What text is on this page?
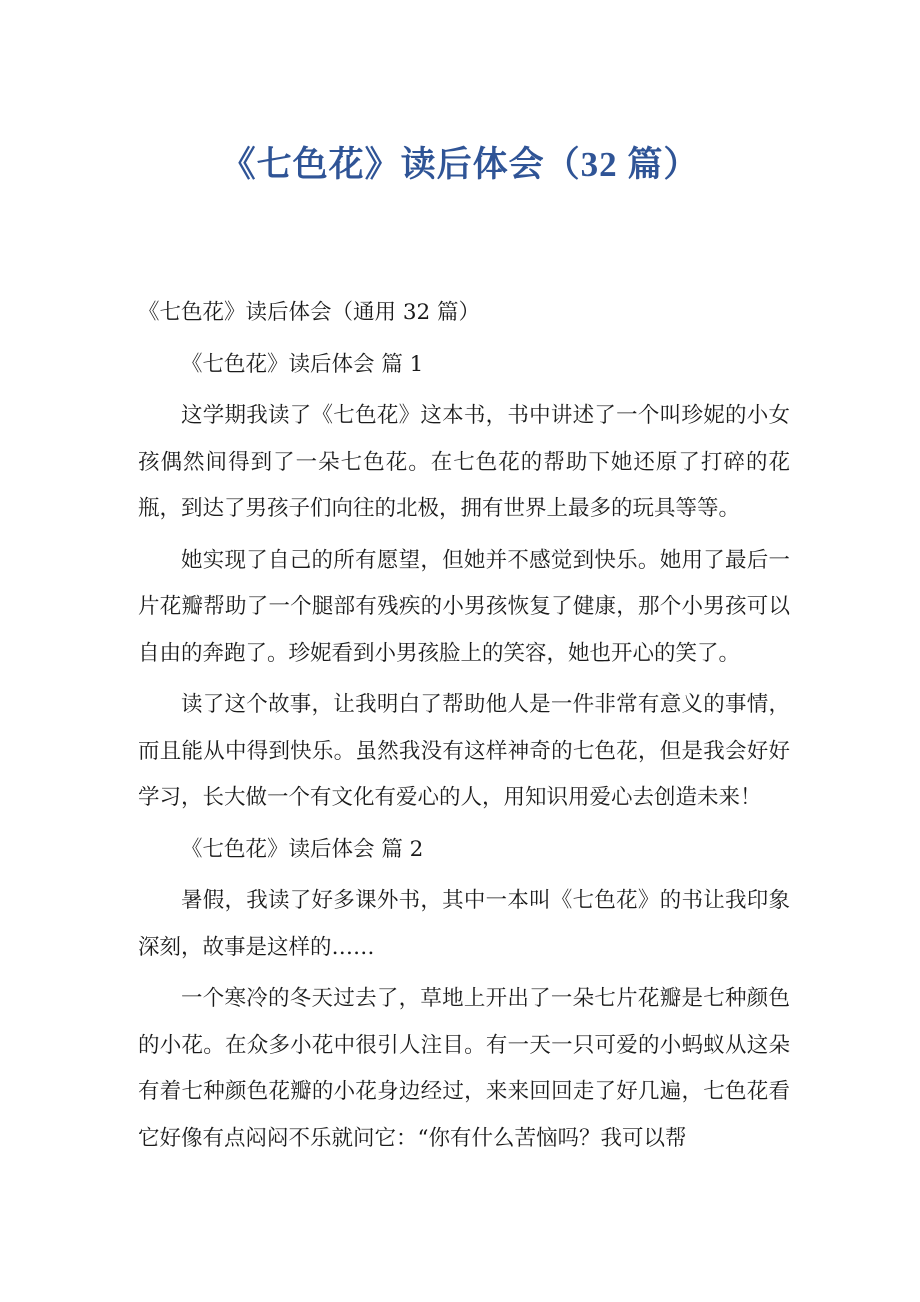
《七色花》读后体会（32 篇）

《七色花》读后体会（通用 32 篇）

《七色花》读后体会 篇 1

这学期我读了《七色花》这本书，书中讲述了一个叫珍妮的小女孩偶然间得到了一朵七色花。在七色花的帮助下她还原了打碎的花瓶，到达了男孩子们向往的北极，拥有世界上最多的玩具等等。

她实现了自己的所有愿望，但她并不感觉到快乐。她用了最后一片花瓣帮助了一个腿部有残疾的小男孩恢复了健康，那个小男孩可以自由的奔跑了。珍妮看到小男孩脸上的笑容，她也开心的笑了。

读了这个故事，让我明白了帮助他人是一件非常有意义的事情，而且能从中得到快乐。虽然我没有这样神奇的七色花，但是我会好好学习，长大做一个有文化有爱心的人，用知识用爱心去创造未来！

《七色花》读后体会 篇 2

暑假，我读了好多课外书，其中一本叫《七色花》的书让我印象深刻，故事是这样的……

一个寒冷的冬天过去了，草地上开出了一朵七片花瓣是七种颜色的小花。在众多小花中很引人注目。有一天一只可爱的小蚂蚁从这朵有着七种颜色花瓣的小花身边经过，来来回回走了好几遍，七色花看它好像有点闷闷不乐就问它：“你有什么苦恼吗？我可以帮
